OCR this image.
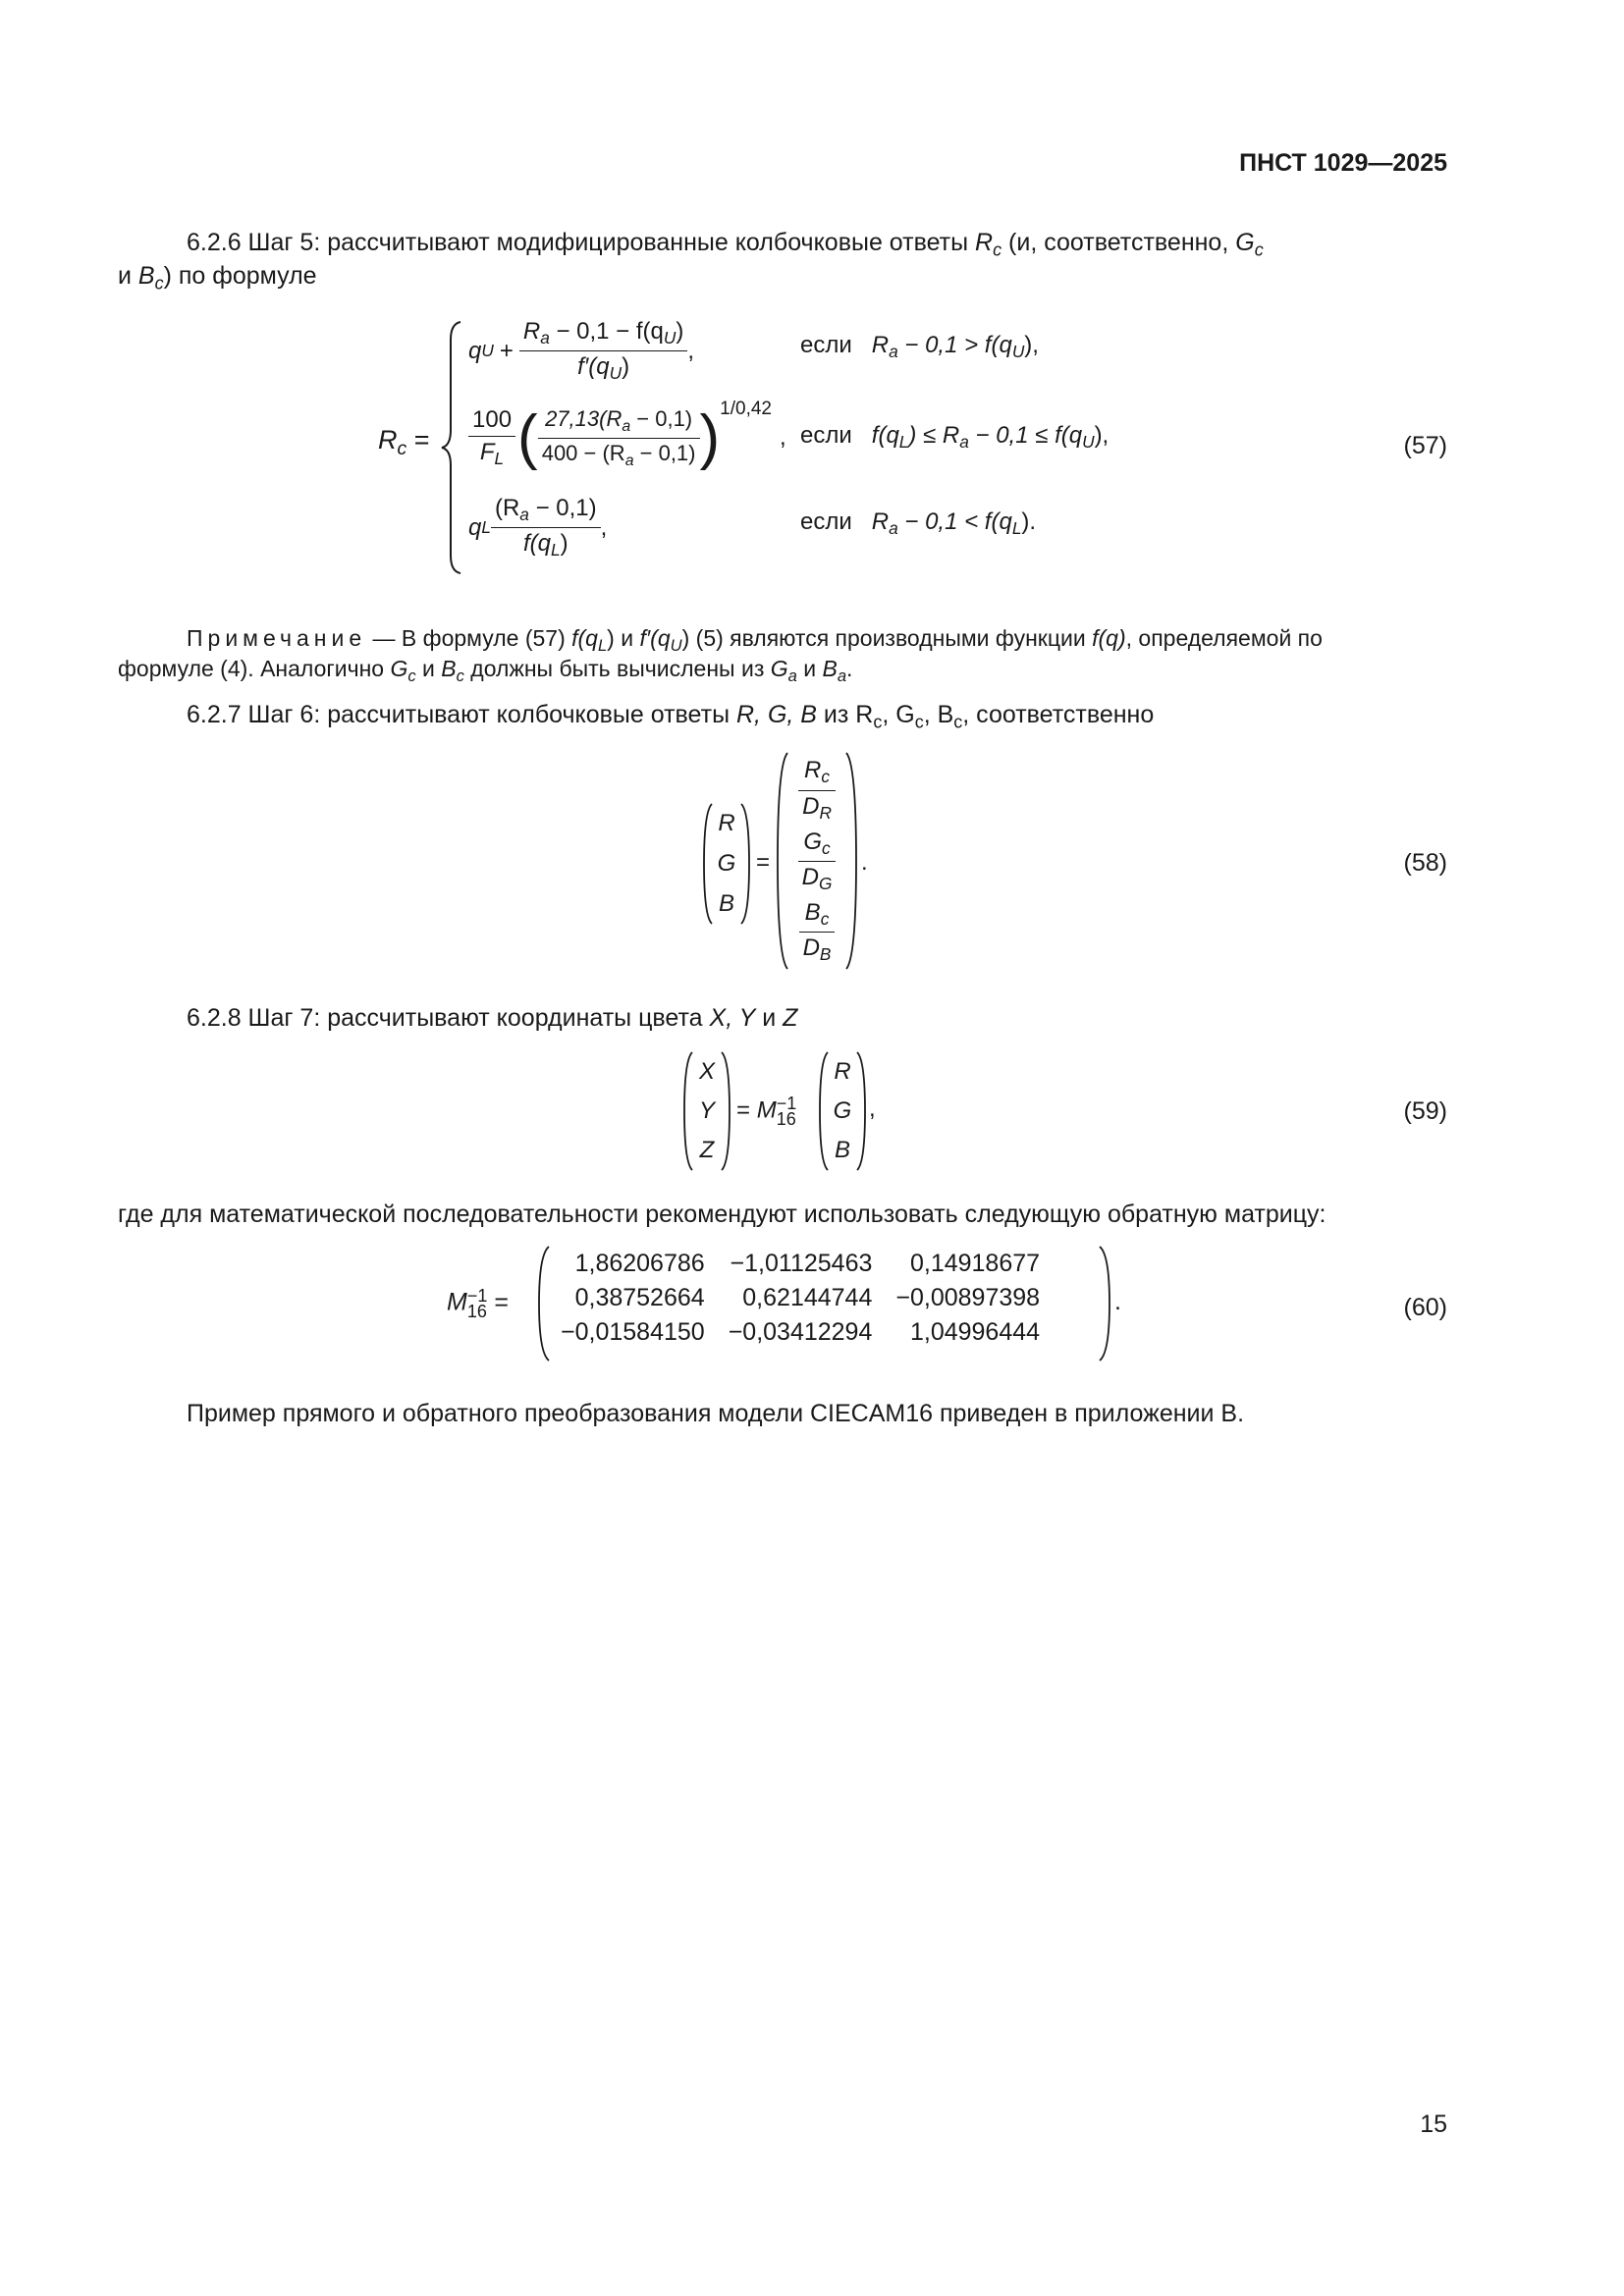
ПНСТ 1029—2025
6.2.6 Шаг 5: рассчитывают модифицированные колбочковые ответы $R_c$ (и, соответственно, $G_c$
и $B_c$) по формуле
$R_c$ =
q $U + \frac{R_a - 0,1 - f(q_U)}{f'(q_U)}$ ,	если $R_a - 0,1 > f(q_U)$,
$\frac{100}{F_L}$ ( $\frac{27,13(R_a - 0,1)}{400 - (R_a - 0,1)}$ ) 1/0,42
, если $f(q_L) \le R_a - 0,1 \le f(q_U)$,
q L $\frac{(R_a - 0,1)}{f(q_L)}$ ,	если $R_a - 0,1 < f(q_L)$.
(57)
Примечание — В формуле (57) $f(q_L)$ и $f'(q_U)$ (5) являются производными функции f(q), определяемой по
формуле (4). Аналогично $G_c$ и $B_c$ должны быть вычислены из $G_a$ и $B_a$.
6.2.7 Шаг 6: рассчитывают колбочковые ответы R, G, B из $R_c$, $G_c$, $B_c$, соответственно
R
G
B
=
$\frac{R_c}{D_R}$
$\frac{G_c}{D_G}$
$\frac{B_c}{D_B}$
.	(58)
6.2.8 Шаг 7: рассчитывают координаты цвета X, Y и Z
X
Y
Z
= M −1
16
R
G
B
,	(59)
где для математической последовательности рекомендуют использовать следующую обратную матрицу:
M −1
16 =
1,86206786	−1,01125463	0,14918677
0,38752664	0,62144744	−0,00897398
−0,01584150	−0,03412294	1,04996444
.	(60)
Пример прямого и обратного преобразования модели CIECAM16 приведен в приложении В.
15
